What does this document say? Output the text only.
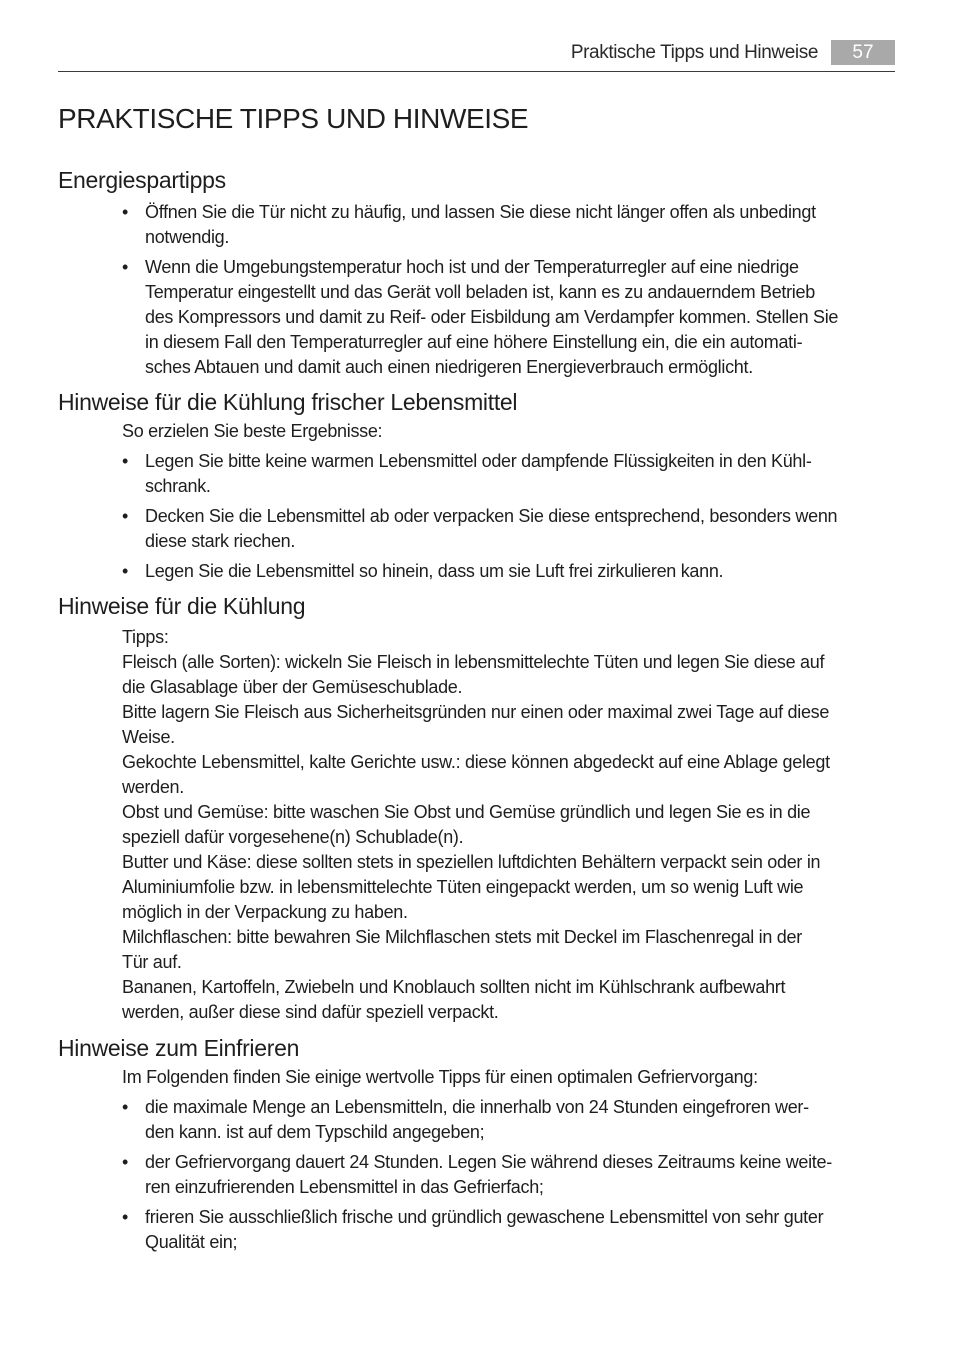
Praktische Tipps und Hinweise	57
PRAKTISCHE TIPPS UND HINWEISE
Energiespartipps
• Öffnen Sie die Tür nicht zu häufig, und lassen Sie diese nicht länger offen als unbedingt
notwendig.
• Wenn die Umgebungstemperatur hoch ist und der Temperaturregler auf eine niedrige
Temperatur eingestellt und das Gerät voll beladen ist, kann es zu andauerndem Betrieb
des Kompressors und damit zu Reif- oder Eisbildung am Verdampfer kommen. Stellen Sie
in diesem Fall den Temperaturregler auf eine höhere Einstellung ein, die ein automati-
sches Abtauen und damit auch einen niedrigeren Energieverbrauch ermöglicht.
Hinweise für die Kühlung frischer Lebensmittel
So erzielen Sie beste Ergebnisse:
• Legen Sie bitte keine warmen Lebensmittel oder dampfende Flüssigkeiten in den Kühl-
schrank.
• Decken Sie die Lebensmittel ab oder verpacken Sie diese entsprechend, besonders wenn
diese stark riechen.
• Legen Sie die Lebensmittel so hinein, dass um sie Luft frei zirkulieren kann.
Hinweise für die Kühlung
Tipps:
Fleisch (alle Sorten): wickeln Sie Fleisch in lebensmittelechte Tüten und legen Sie diese auf
die Glasablage über der Gemüseschublade.
Bitte lagern Sie Fleisch aus Sicherheitsgründen nur einen oder maximal zwei Tage auf diese
Weise.
Gekochte Lebensmittel, kalte Gerichte usw.: diese können abgedeckt auf eine Ablage gelegt
werden.
Obst und Gemüse: bitte waschen Sie Obst und Gemüse gründlich und legen Sie es in die
speziell dafür vorgesehene(n) Schublade(n).
Butter und Käse: diese sollten stets in speziellen luftdichten Behältern verpackt sein oder in
Aluminiumfolie bzw. in lebensmittelechte Tüten eingepackt werden, um so wenig Luft wie
möglich in der Verpackung zu haben.
Milchflaschen: bitte bewahren Sie Milchflaschen stets mit Deckel im Flaschenregal in der
Tür auf.
Bananen, Kartoffeln, Zwiebeln und Knoblauch sollten nicht im Kühlschrank aufbewahrt
werden, außer diese sind dafür speziell verpackt.
Hinweise zum Einfrieren
Im Folgenden finden Sie einige wertvolle Tipps für einen optimalen Gefriervorgang:
• die maximale Menge an Lebensmitteln, die innerhalb von 24 Stunden eingefroren wer-
den kann. ist auf dem Typschild angegeben;
• der Gefriervorgang dauert 24 Stunden. Legen Sie während dieses Zeitraums keine weite-
ren einzufrierenden Lebensmittel in das Gefrierfach;
• frieren Sie ausschließlich frische und gründlich gewaschene Lebensmittel von sehr guter
Qualität ein;
